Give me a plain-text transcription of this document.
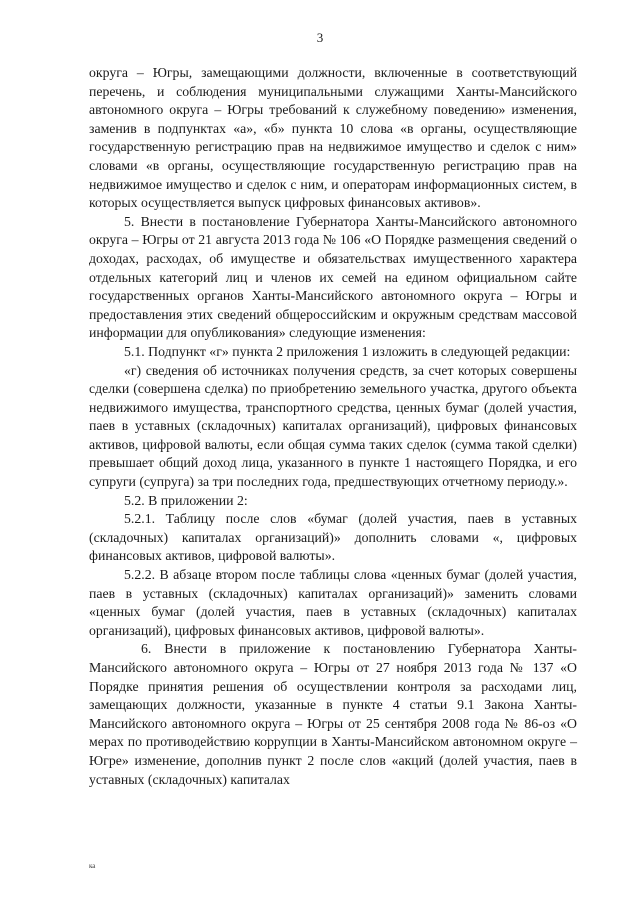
3

округа – Югры, замещающими должности, включенные в соответствующий перечень, и соблюдения муниципальными служащими Ханты-Мансийского автономного округа – Югры требований к служебному поведению» изменения, заменив в подпунктах «а», «б» пункта 10 слова «в органы, осуществляющие государственную регистрацию прав на недвижимое имущество и сделок с ним» словами «в органы, осуществляющие государственную регистрацию прав на недвижимое имущество и сделок с ним, и операторам информационных систем, в которых осуществляется выпуск цифровых финансовых активов».

5. Внести в постановление Губернатора Ханты-Мансийского автономного округа – Югры от 21 августа 2013 года № 106 «О Порядке размещения сведений о доходах, расходах, об имуществе и обязательствах имущественного характера отдельных категорий лиц и членов их семей на едином официальном сайте государственных органов Ханты-Мансийского автономного округа – Югры и предоставления этих сведений общероссийским и окружным средствам массовой информации для опубликования» следующие изменения:

5.1. Подпункт «г» пункта 2 приложения 1 изложить в следующей редакции:

«г) сведения об источниках получения средств, за счет которых совершены сделки (совершена сделка) по приобретению земельного участка, другого объекта недвижимого имущества, транспортного средства, ценных бумаг (долей участия, паев в уставных (складочных) капиталах организаций), цифровых финансовых активов, цифровой валюты, если общая сумма таких сделок (сумма такой сделки) превышает общий доход лица, указанного в пункте 1 настоящего Порядка, и его супруги (супруга) за три последних года, предшествующих отчетному периоду.».

5.2. В приложении 2:

5.2.1. Таблицу после слов «бумаг (долей участия, паев в уставных (складочных) капиталах организаций)» дополнить словами «, цифровых финансовых активов, цифровой валюты».

5.2.2. В абзаце втором после таблицы слова «ценных бумаг (долей участия, паев в уставных (складочных) капиталах организаций)» заменить словами «ценных бумаг (долей участия, паев в уставных (складочных) капиталах организаций), цифровых финансовых активов, цифровой валюты».

6. Внести в приложение к постановлению Губернатора Ханты-Мансийского автономного округа – Югры от 27 ноября 2013 года № 137 «О Порядке принятия решения об осуществлении контроля за расходами лиц, замещающих должности, указанные в пункте 4 статьи 9.1 Закона Ханты-Мансийского автономного округа – Югры от 25 сентября 2008 года № 86-оз «О мерах по противодействию коррупции в Ханты-Мансийском автономном округе – Югре» изменение, дополнив пункт 2 после слов «акций (долей участия, паев в уставных (складочных) капиталах

ка
